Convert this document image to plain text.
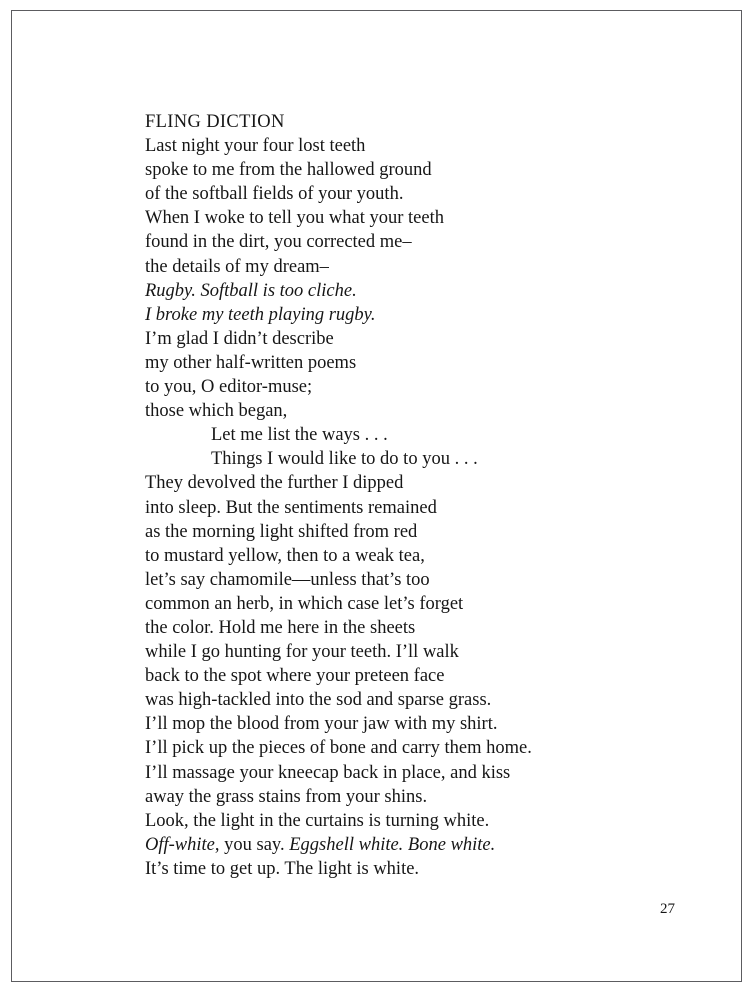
FLING DICTION
Last night your four lost teeth
spoke to me from the hallowed ground
of the softball fields of your youth.
When I woke to tell you what your teeth
found in the dirt, you corrected me–
the details of my dream–
Rugby. Softball is too cliche.
I broke my teeth playing rugby.
I’m glad I didn’t describe
my other half-written poems
to you, O editor-muse;
those which began,
Let me list the ways . . .
Things I would like to do to you . . .
They devolved the further I dipped
into sleep. But the sentiments remained
as the morning light shifted from red
to mustard yellow, then to a weak tea,
let’s say chamomile—unless that’s too
common an herb, in which case let’s forget
the color. Hold me here in the sheets
while I go hunting for your teeth. I’ll walk
back to the spot where your preteen face
was high-tackled into the sod and sparse grass.
I’ll mop the blood from your jaw with my shirt.
I’ll pick up the pieces of bone and carry them home.
I’ll massage your kneecap back in place, and kiss
away the grass stains from your shins.
Look, the light in the curtains is turning white.
Off-white, you say. Eggshell white. Bone white.
It’s time to get up. The light is white.
27
